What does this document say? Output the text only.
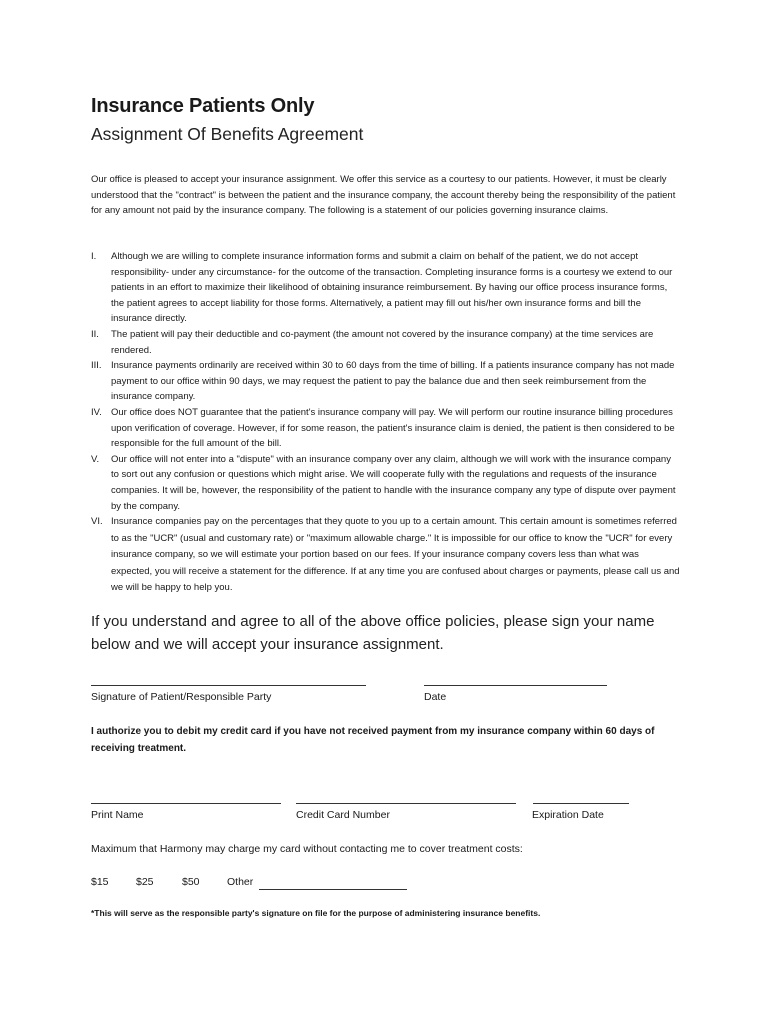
Insurance Patients Only
Assignment Of Benefits Agreement

Our office is pleased to accept your insurance assignment. We offer this service as a courtesy to our patients. However, it must be clearly understood that the "contract" is between the patient and the insurance company, the account thereby being the responsibility of the patient for any amount not paid by the insurance company. The following is a statement of our policies governing insurance claims.

I. Although we are willing to complete insurance information forms and submit a claim on behalf of the patient, we do not accept responsibility- under any circumstance- for the outcome of the transaction. Completing insurance forms is a courtesy we extend to our patients in an effort to maximize their likelihood of obtaining insurance reimbursement. By having our office process insurance forms, the patient agrees to accept liability for those forms. Alternatively, a patient may fill out his/her own insurance forms and bill the insurance directly.
II. The patient will pay their deductible and co-payment (the amount not covered by the insurance company) at the time services are rendered.
III. Insurance payments ordinarily are received within 30 to 60 days from the time of billing. If a patients insurance company has not made payment to our office within 90 days, we may request the patient to pay the balance due and then seek reimbursement from the insurance company.
IV. Our office does NOT guarantee that the patient's insurance company will pay. We will perform our routine insurance billing procedures upon verification of coverage. However, if for some reason, the patient's insurance claim is denied, the patient is then considered to be responsible for the full amount of the bill.
V. Our office will not enter into a "dispute" with an insurance company over any claim, although we will work with the insurance company to sort out any confusion or questions which might arise. We will cooperate fully with the regulations and requests of the insurance companies. It will be, however, the responsibility of the patient to handle with the insurance company any type of dispute over payment by the company.
VI. Insurance companies pay on the percentages that they quote to you up to a certain amount. This certain amount is sometimes referred to as the "UCR" (usual and customary rate) or "maximum allowable charge." It is impossible for our office to know the "UCR" for every insurance company, so we will estimate your portion based on our fees. If your insurance company covers less than what was expected, you will receive a statement for the difference. If at any time you are confused about charges or payments, please call us and we will be happy to help you.

If you understand and agree to all of the above office policies, please sign your name below and we will accept your insurance assignment.

Signature of Patient/Responsible Party	Date

I authorize you to debit my credit card if you have not received payment from my insurance company within 60 days of receiving treatment.

Print Name	Credit Card Number	Expiration Date
Maximum that Harmony may charge my card without contacting me to cover treatment costs:
$15	$25	$50	Other
*This will serve as the responsible party's signature on file for the purpose of administering insurance benefits.
